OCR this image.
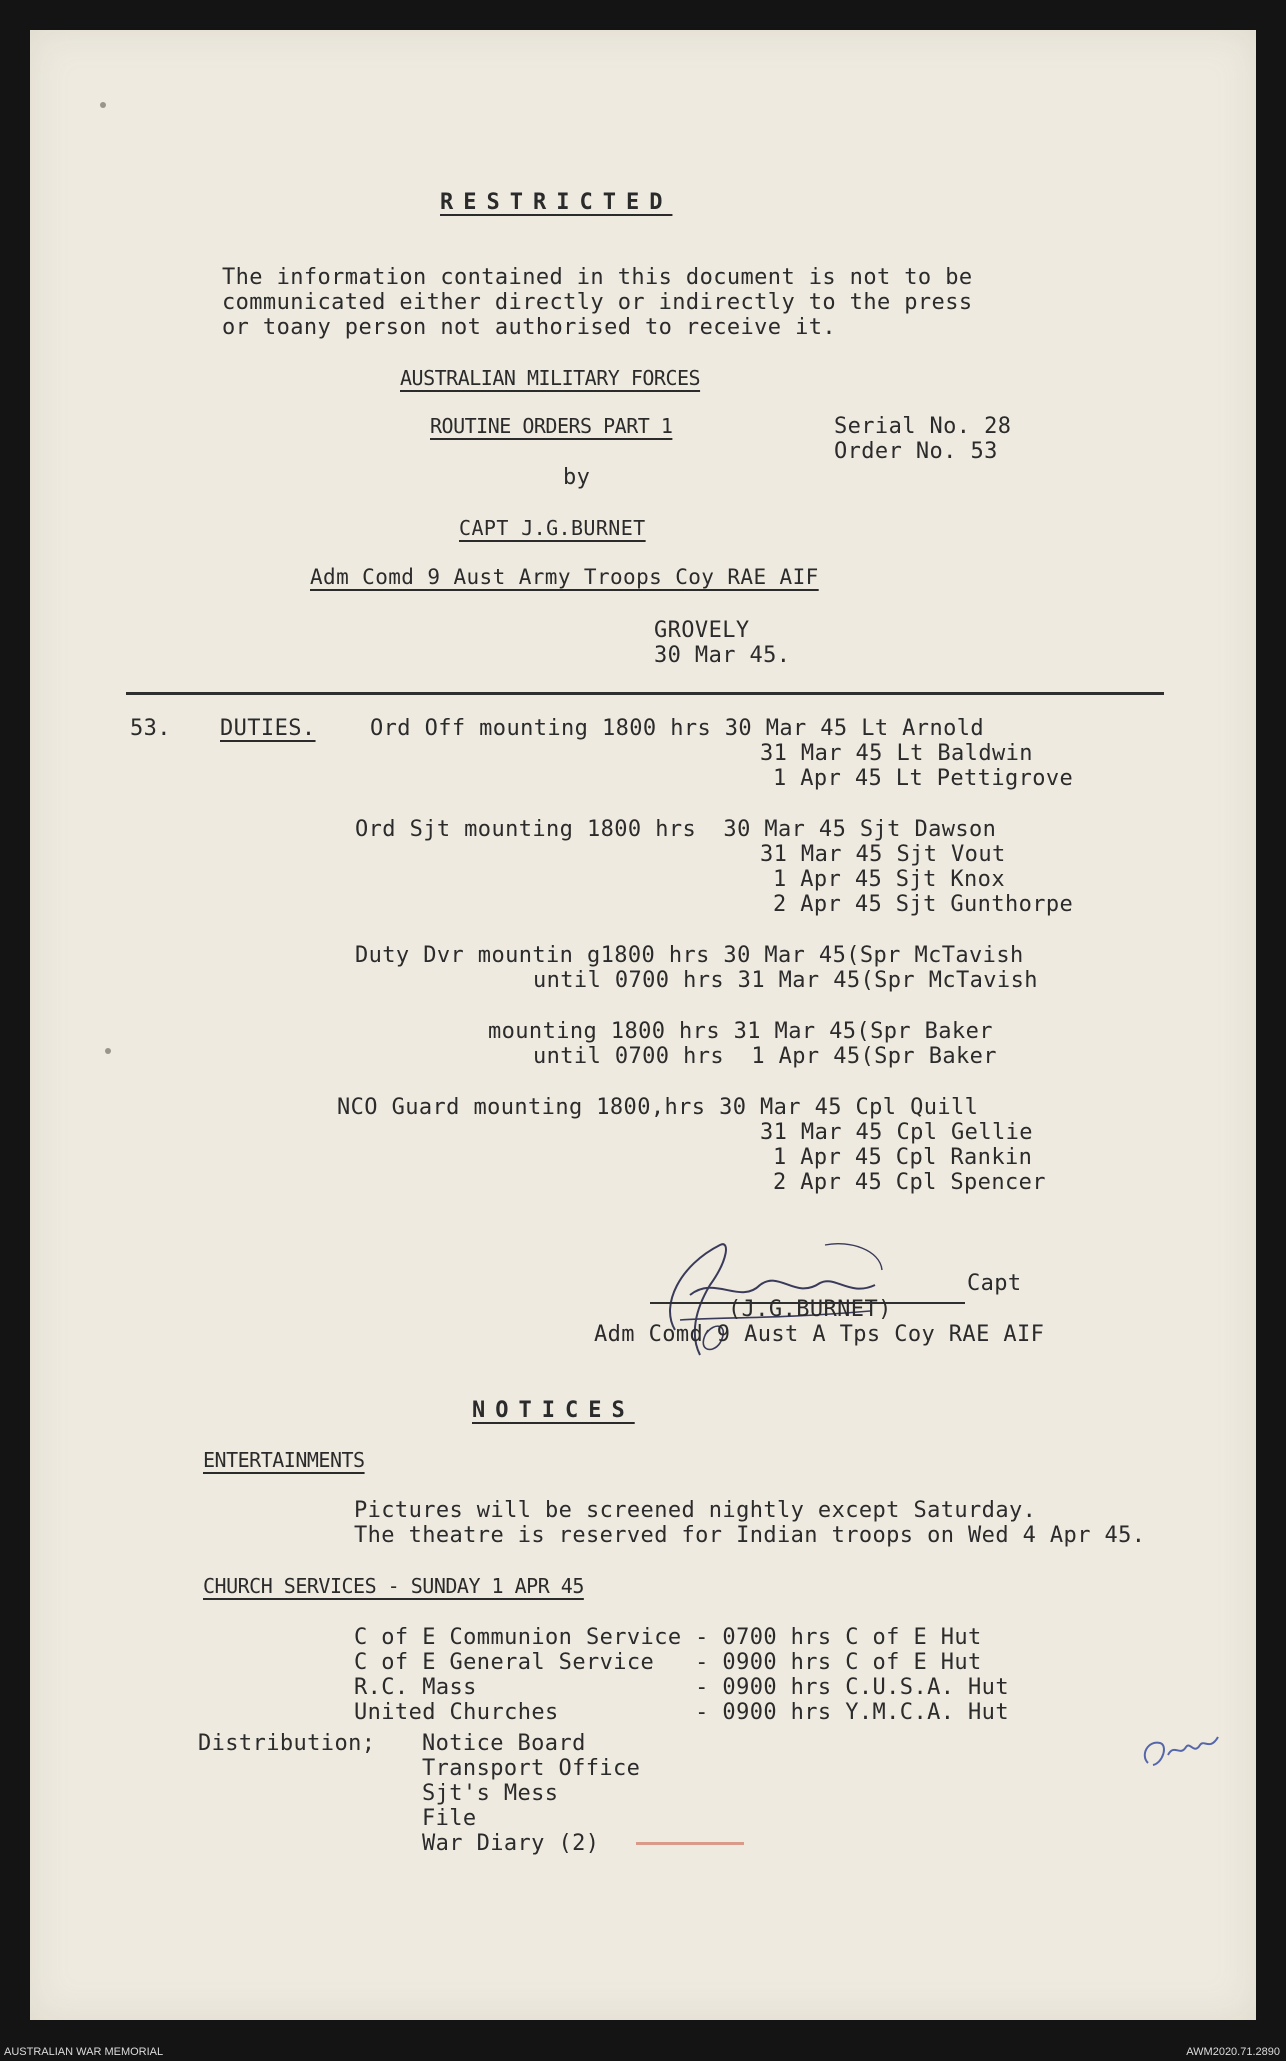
RESTRICTED
The information contained in this document is not to be
communicated either directly or indirectly to the press
or toany person not authorised to receive it.
AUSTRALIAN MILITARY FORCES
ROUTINE ORDERS PART 1	Serial No. 28
Order No. 53
by
CAPT J.G.BURNET
Adm Comd 9 Aust Army Troops Coy RAE AIF
GROVELY
30 Mar 45.
53. DUTIES. Ord Off mounting 1800 hrs 30 Mar 45 Lt Arnold
31 Mar 45 Lt Baldwin
1 Apr 45 Lt Pettigrove
Ord Sjt mounting 1800 hrs  30 Mar 45 Sjt Dawson
31 Mar 45 Sjt Vout
1 Apr 45 Sjt Knox
2 Apr 45 Sjt Gunthorpe
Duty Dvr mountin g1800 hrs 30 Mar 45(Spr McTavish
until 0700 hrs 31 Mar 45(Spr McTavish
mounting 1800 hrs 31 Mar 45(Spr Baker
until 0700 hrs  1 Apr 45(Spr Baker
NCO Guard mounting 1800,hrs 30 Mar 45 Cpl Quill
31 Mar 45 Cpl Gellie
1 Apr 45 Cpl Rankin
2 Apr 45 Cpl Spencer
Capt
(J.G.BURNET)
Adm Comd 9 Aust A Tps Coy RAE AIF
NOTICES
ENTERTAINMENTS
Pictures will be screened nightly except Saturday.
The theatre is reserved for Indian troops on Wed 4 Apr 45.
CHURCH SERVICES - SUNDAY 1 APR 45
C of E Communion Service - 0700 hrs C of E Hut
C of E General Service   - 0900 hrs C of E Hut
R.C. Mass                - 0900 hrs C.U.S.A. Hut
United Churches          - 0900 hrs Y.M.C.A. Hut
Distribution; Notice Board
Transport Office
Sjt's Mess
File
War Diary (2)
AUSTRALIAN WAR MEMORIAL	AWM2020.71.2890
